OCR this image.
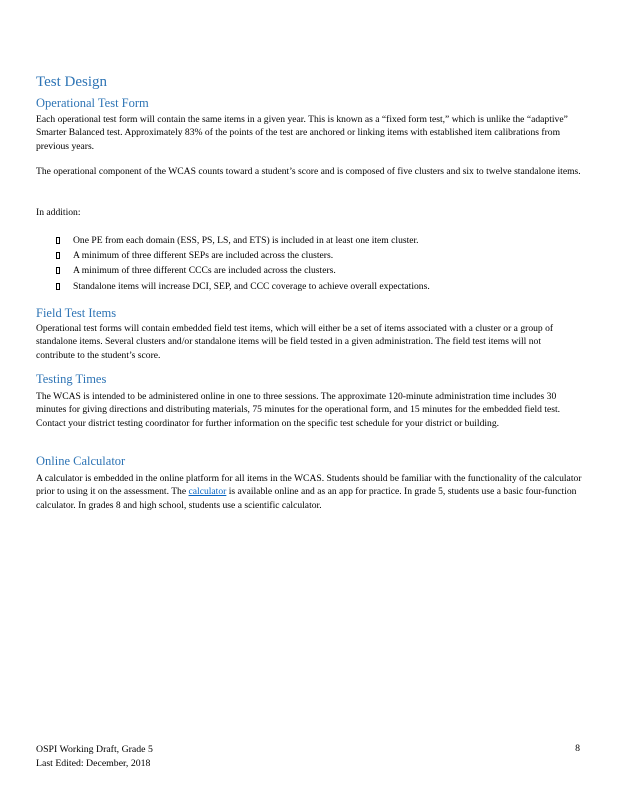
Test Design
Operational Test Form
Each operational test form will contain the same items in a given year. This is known as a “fixed form test,” which is unlike the “adaptive” Smarter Balanced test. Approximately 83% of the points of the test are anchored or linking items with established item calibrations from previous years.
The operational component of the WCAS counts toward a student’s score and is composed of five clusters and six to twelve standalone items.
In addition:
One PE from each domain (ESS, PS, LS, and ETS) is included in at least one item cluster.
A minimum of three different SEPs are included across the clusters.
A minimum of three different CCCs are included across the clusters.
Standalone items will increase DCI, SEP, and CCC coverage to achieve overall expectations.
Field Test Items
Operational test forms will contain embedded field test items, which will either be a set of items associated with a cluster or a group of standalone items. Several clusters and/or standalone items will be field tested in a given administration. The field test items will not contribute to the student’s score.
Testing Times
The WCAS is intended to be administered online in one to three sessions. The approximate 120-minute administration time includes 30 minutes for giving directions and distributing materials, 75 minutes for the operational form, and 15 minutes for the embedded field test. Contact your district testing coordinator for further information on the specific test schedule for your district or building.
Online Calculator
A calculator is embedded in the online platform for all items in the WCAS. Students should be familiar with the functionality of the calculator prior to using it on the assessment. The calculator is available online and as an app for practice. In grade 5, students use a basic four-function calculator. In grades 8 and high school, students use a scientific calculator.
OSPI Working Draft, Grade 5
Last Edited: December, 2018
8
